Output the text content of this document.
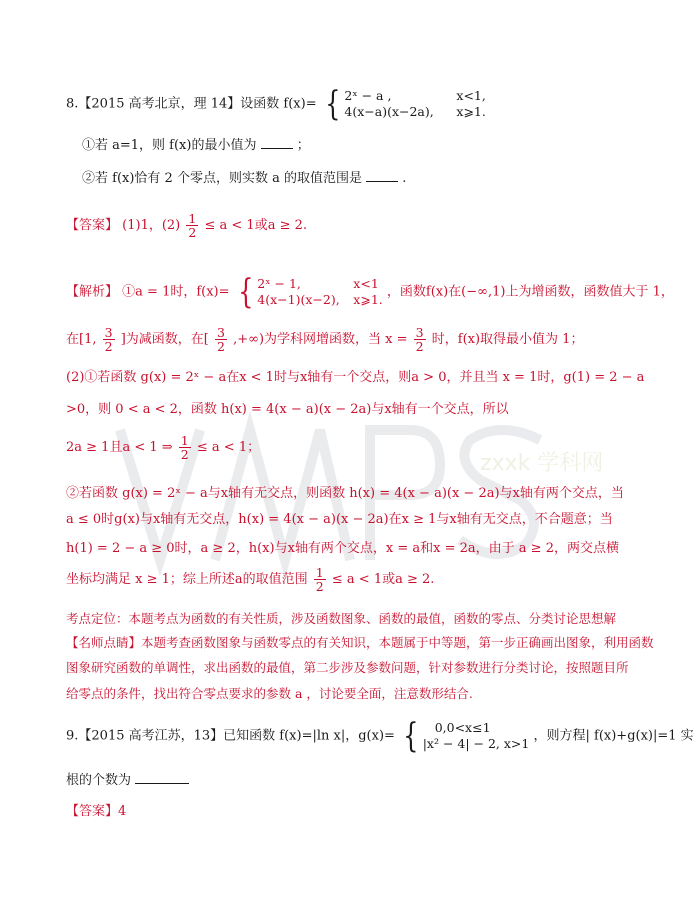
zxxk 学科网
8.【2015 高考北京，理 14】设函数 f(x)= { 2ˣ − a ,	x<1,
4(x−a)(x−2a), x⩾1.
①若 a=1，则 f(x)的最小值为	；
②若 f(x)恰有 2 个零点，则实数 a 的取值范围是	.
【答案】 (1)1，$(2) \frac{1}{2} \le a < 1$或a ≥ 2.
【解析】 ①a = 1时，f(x)= { 2ˣ − 1,	x<1
4(x−1)(x−2), x⩾1. ，函数f(x)在(−∞,1)上为增函数，函数值大于 1，
在[1, $\frac{3}{2}$ ]为减函数，在[ $\frac{3}{2}$ ,+∞)为学科网增函数，当 $x = \frac{3}{2}$ 时，f(x)取得最小值为 1；
(2)①若函数 g(x) = 2ˣ − a在x < 1时与x轴有一个交点，则a > 0，并且当 x = 1时，g(1) = 2 − a
>0，则 0 < a < 2，函数 h(x) = 4(x − a)(x − 2a)与x轴有一个交点，所以
2a ≥ 1且a < 1 ⇒ $\frac{1}{2} \le a < 1$；
②若函数 g(x) = 2ˣ − a与x轴有无交点，则函数 h(x) = 4(x − a)(x − 2a)与x轴有两个交点，当
a ≤ 0时g(x)与x轴有无交点，h(x) = 4(x − a)(x − 2a)在x ≥ 1与x轴有无交点，不合题意；当
h(1) = 2 − a ≥ 0时，a ≥ 2，h(x)与x轴有两个交点，x = a和x = 2a，由于 a ≥ 2，两交点横
坐标均满足 x ≥ 1；综上所述a的取值范围 $\frac{1}{2} \le a < 1$或a ≥ 2.
考点定位：本题考点为函数的有关性质，涉及函数图象、函数的最值，函数的零点、分类讨论思想解
【名师点睛】本题考查函数图象与函数零点的有关知识，本题属于中等题，第一步正确画出图象，利用函数
图象研究函数的单调性，求出函数的最值，第二步涉及参数问题，针对参数进行分类讨论，按照题目所
给零点的条件，找出符合零点要求的参数 a ，讨论要全面，注意数形结合.
9.【2015 高考江苏，13】已知函数 f(x)=|ln x|，g(x)= {	0,0<x≤1
|x² − 4| − 2, x>1 ，则方程| f(x)+g(x)|=1 实
根的个数为
【答案】4
